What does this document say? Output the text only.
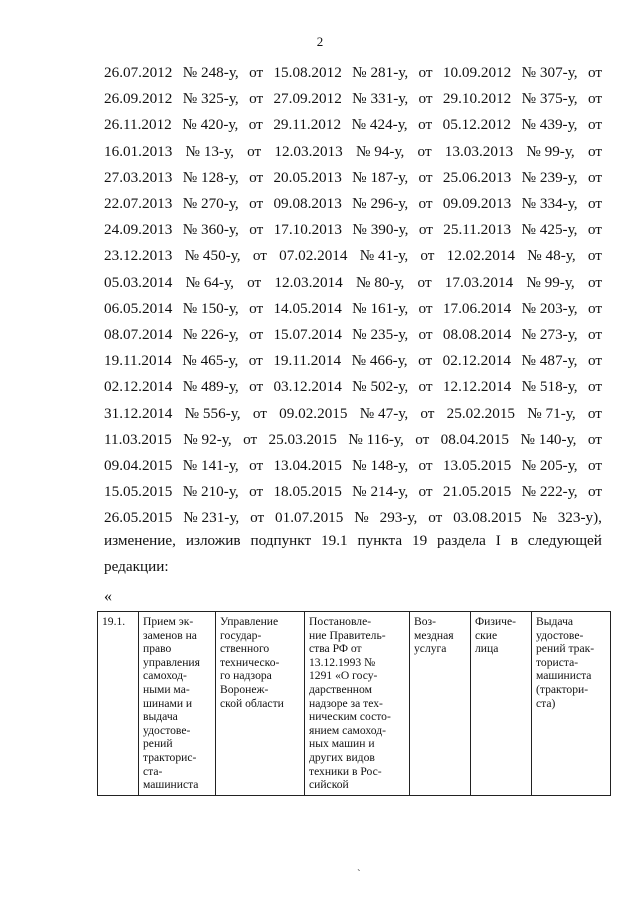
2
26.07.2012 № 248-у, от 15.08.2012 № 281-у, от 10.09.2012 № 307-у, от
26.09.2012 № 325-у, от 27.09.2012 № 331-у, от 29.10.2012 № 375-у, от
26.11.2012 № 420-у, от 29.11.2012 № 424-у, от 05.12.2012 № 439-у, от
16.01.2013 № 13-у, от 12.03.2013 № 94-у, от 13.03.2013 № 99-у, от
27.03.2013 № 128-у, от 20.05.2013 № 187-у, от 25.06.2013 № 239-у, от
22.07.2013 № 270-у, от 09.08.2013 № 296-у, от 09.09.2013 № 334-у, от
24.09.2013 № 360-у, от 17.10.2013 № 390-у, от 25.11.2013 № 425-у, от
23.12.2013 № 450-у, от 07.02.2014 № 41-у, от 12.02.2014 № 48-у, от
05.03.2014 № 64-у, от 12.03.2014 № 80-у, от 17.03.2014 № 99-у, от
06.05.2014 № 150-у, от 14.05.2014 № 161-у, от 17.06.2014 № 203-у, от
08.07.2014 № 226-у, от 15.07.2014 № 235-у, от 08.08.2014 № 273-у, от
19.11.2014 № 465-у, от 19.11.2014 № 466-у, от 02.12.2014 № 487-у, от
02.12.2014 № 489-у, от 03.12.2014 № 502-у, от 12.12.2014 № 518-у, от
31.12.2014 № 556-у, от 09.02.2015 № 47-у, от 25.02.2015 № 71-у, от
11.03.2015 № 92-у, от 25.03.2015 № 116-у, от 08.04.2015 № 140-у, от
09.04.2015 № 141-у, от 13.04.2015 № 148-у, от 13.05.2015 № 205-у, от
15.05.2015 № 210-у, от 18.05.2015 № 214-у, от 21.05.2015 № 222-у, от
26.05.2015 № 231-у, от 01.07.2015 № 293-у, от 03.08.2015 № 323-у),
изменение, изложив подпункт 19.1 пункта 19 раздела I в следующей
редакции:
«
19.1.	Прием эк-
заменов на
право
управления
самоход-
ными ма-
шинами и
выдача
удостове-
рений
тракторис-
ста-
машиниста	Управление
государ-
ственного
техническо-
го надзора
Воронеж-
ской области	Постановле-
ние Правитель-
ства РФ от
13.12.1993 №
1291 «О госу-
дарственном
надзоре за тех-
ническим состо-
янием самоход-
ных машин и
других видов
техники в Рос-
сийской	Воз-
мездная
услуга	Физиче-
ские
лица	Выдача
удостове-
рений трак-
ториста-
машиниста
(трактори-
ста)
`
